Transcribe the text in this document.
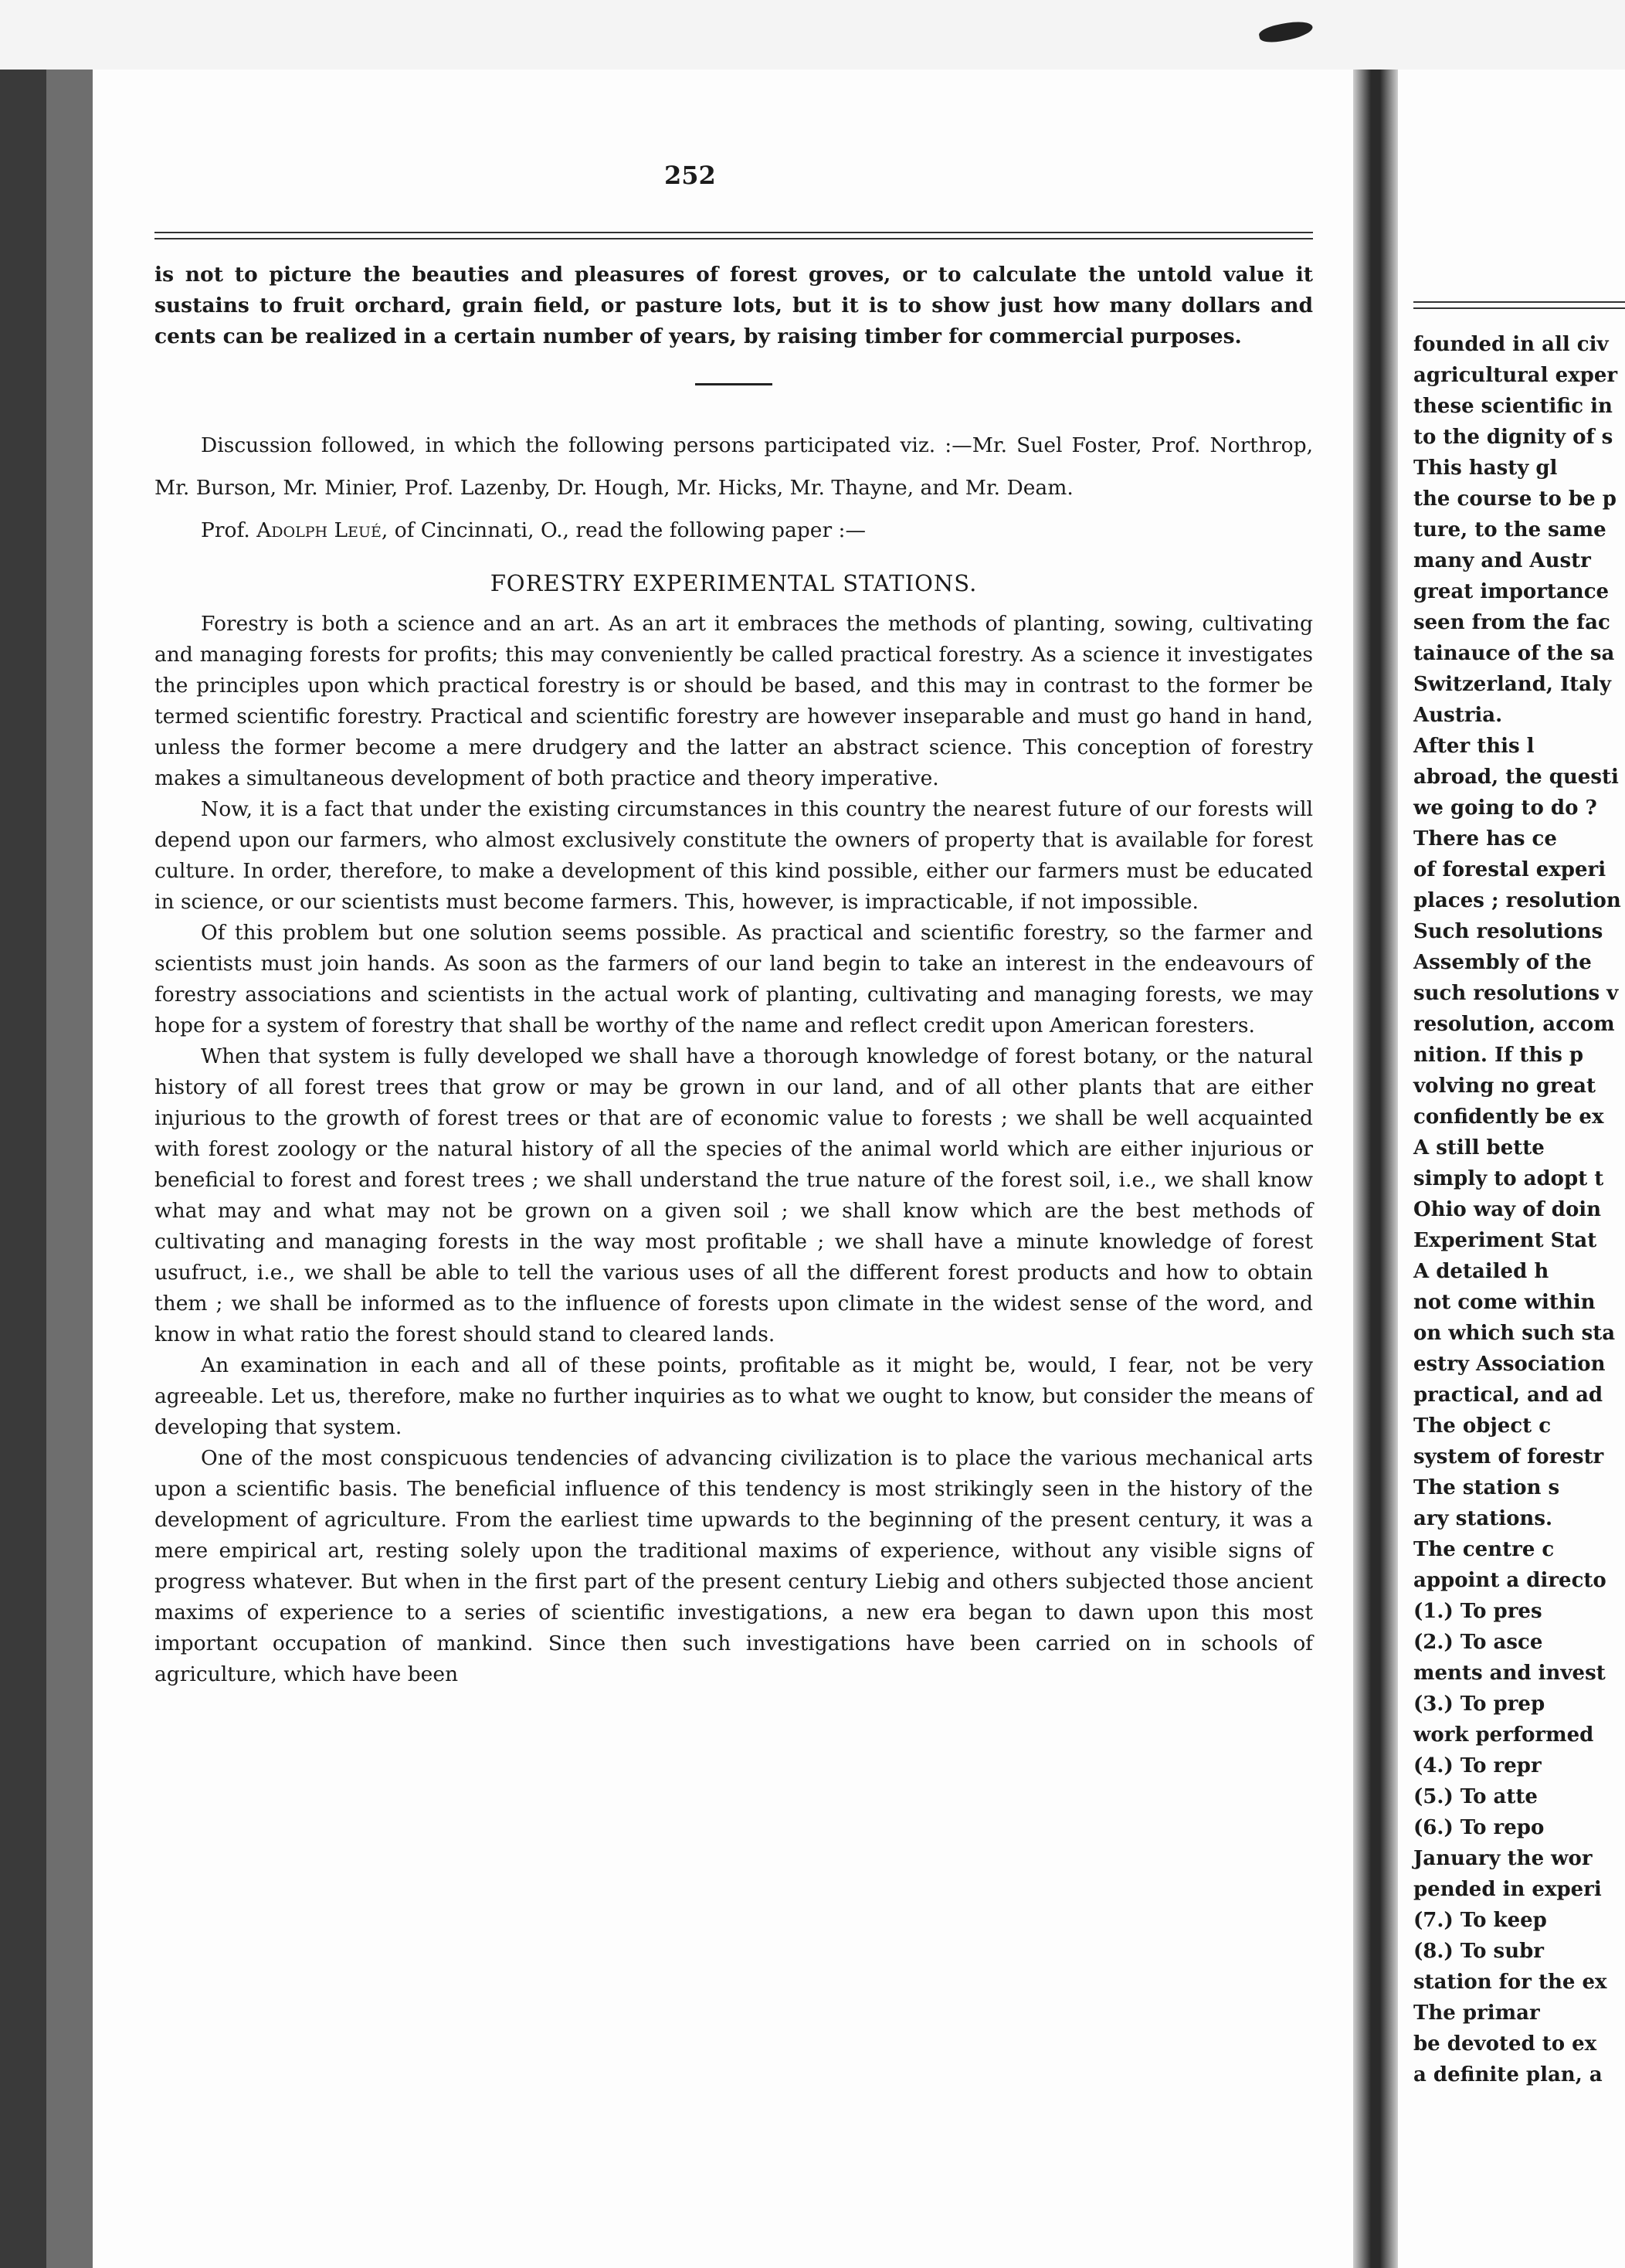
founded in all civ
agricultural exper
these scientific in
to the dignity of s
This hasty gl
the course to be p
ture, to the same
many and Austr
great importance
seen from the fac
tainauce of the sa
Switzerland, Italy
Austria.
After this l
abroad, the questi
we going to do ?
There has ce
of forestal experi
places ; resolution
Such resolutions
Assembly of the
such resolutions v
resolution, accom
nition. If this p
volving no great
confidently be ex
A still bette
simply to adopt t
Ohio way of doin
Experiment Stat
A detailed h
not come within
on which such sta
estry Association
practical, and ad
The object c
system of forestr
The station s
ary stations.
The centre c
appoint a directo
(1.) To pres
(2.) To asce
ments and invest
(3.) To prep
work performed
(4.) To repr
(5.) To atte
(6.) To repo
January the wor
pended in experi
(7.) To keep
(8.) To subr
station for the ex
The primar
be devoted to ex
a definite plan, a
252

is not to picture the beauties and pleasures of forest groves, or to calculate the untold value it sustains to fruit orchard, grain field, or pasture lots, but it is to show just how many dollars and cents can be realized in a certain number of years, by raising timber for commercial purposes.

Discussion followed, in which the following persons participated viz. :—Mr. Suel Foster, Prof. Northrop, Mr. Burson, Mr. Minier, Prof. Lazenby, Dr. Hough, Mr. Hicks, Mr. Thayne, and Mr. Deam.

Prof. Adolph Leué, of Cincinnati, O., read the following paper :—

FORESTRY EXPERIMENTAL STATIONS.

Forestry is both a science and an art. As an art it embraces the methods of planting, sowing, cultivating and managing forests for profits; this may conveniently be called practical forestry. As a science it investigates the principles upon which practical forestry is or should be based, and this may in contrast to the former be termed scientific forestry. Practical and scientific forestry are however inseparable and must go hand in hand, unless the former become a mere drudgery and the latter an abstract science. This conception of forestry makes a simultaneous development of both practice and theory imperative.

Now, it is a fact that under the existing circumstances in this country the nearest future of our forests will depend upon our farmers, who almost exclusively constitute the owners of property that is available for forest culture. In order, therefore, to make a development of this kind possible, either our farmers must be educated in science, or our scientists must become farmers. This, however, is impracticable, if not impossible.

Of this problem but one solution seems possible. As practical and scientific forestry, so the farmer and scientists must join hands. As soon as the farmers of our land begin to take an interest in the endeavours of forestry associations and scientists in the actual work of planting, cultivating and managing forests, we may hope for a system of forestry that shall be worthy of the name and reflect credit upon American foresters.

When that system is fully developed we shall have a thorough knowledge of forest botany, or the natural history of all forest trees that grow or may be grown in our land, and of all other plants that are either injurious to the growth of forest trees or that are of economic value to forests ; we shall be well acquainted with forest zoology or the natural history of all the species of the animal world which are either injurious or beneficial to forest and forest trees ; we shall understand the true nature of the forest soil, i.e., we shall know what may and what may not be grown on a given soil ; we shall know which are the best methods of cultivating and managing forests in the way most profitable ; we shall have a minute knowledge of forest usufruct, i.e., we shall be able to tell the various uses of all the different forest products and how to obtain them ; we shall be informed as to the influence of forests upon climate in the widest sense of the word, and know in what ratio the forest should stand to cleared lands.

An examination in each and all of these points, profitable as it might be, would, I fear, not be very agreeable. Let us, therefore, make no further inquiries as to what we ought to know, but consider the means of developing that system.

One of the most conspicuous tendencies of advancing civilization is to place the various mechanical arts upon a scientific basis. The beneficial influence of this tendency is most strikingly seen in the history of the development of agriculture. From the earliest time upwards to the beginning of the present century, it was a mere empirical art, resting solely upon the traditional maxims of experience, without any visible signs of progress whatever. But when in the first part of the present century Liebig and others subjected those ancient maxims of experience to a series of scientific investigations, a new era began to dawn upon this most important occupation of mankind. Since then such investigations have been carried on in schools of agriculture, which have been
